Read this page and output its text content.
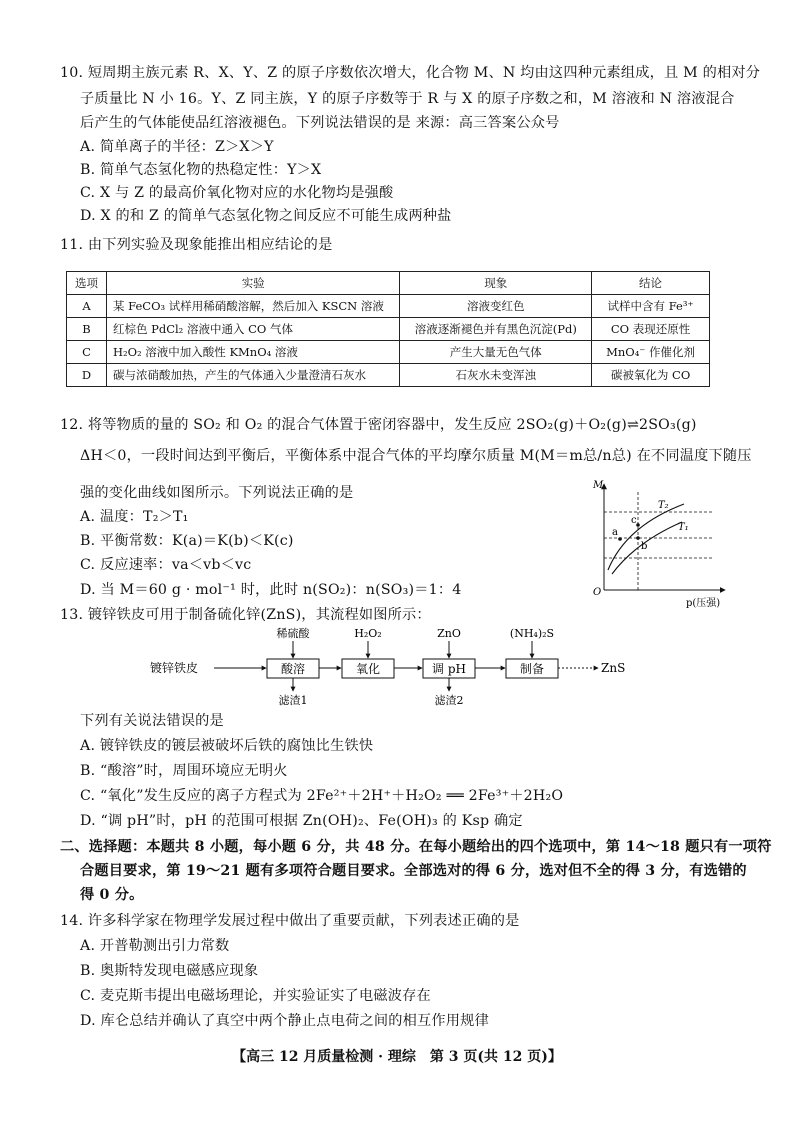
10. 短周期主族元素 R、X、Y、Z 的原子序数依次增大，化合物 M、N 均由这四种元素组成，且 M 的相对分
子质量比 N 小 16。Y、Z 同主族，Y 的原子序数等于 R 与 X 的原子序数之和，M 溶液和 N 溶液混合
后产生的气体能使品红溶液褪色。下列说法错误的是 来源：高三答案公众号
A. 简单离子的半径：Z＞X＞Y
B. 简单气态氢化物的热稳定性：Y＞X
C. X 与 Z 的最高价氧化物对应的水化物均是强酸
D. X 的和 Z 的简单气态氢化物之间反应不可能生成两种盐
11. 由下列实验及现象能推出相应结论的是
选项	实验	现象	结论
A	某 FeCO₃ 试样用稀硝酸溶解，然后加入 KSCN 溶液	溶液变红色	试样中含有 Fe³⁺
B	红棕色 PdCl₂ 溶液中通入 CO 气体	溶液逐渐褪色并有黑色沉淀(Pd)	CO 表现还原性
C	H₂O₂ 溶液中加入酸性 KMnO₄ 溶液	产生大量无色气体	MnO₄⁻ 作催化剂
D	碳与浓硝酸加热，产生的气体通入少量澄清石灰水	石灰水未变浑浊	碳被氧化为 CO
12. 将等物质的量的 SO₂ 和 O₂ 的混合气体置于密闭容器中，发生反应 2SO₂(g)＋O₂(g)⇌2SO₃(g)
ΔH＜0，一段时间达到平衡后，平衡体系中混合气体的平均摩尔质量 M(M＝m总/n总) 在不同温度下随压
强的变化曲线如图所示。下列说法正确的是
A. 温度：T₂＞T₁
B. 平衡常数：K(a)＝K(b)＜K(c)
C. 反应速率：va＜vb＜vc
D. 当 M＝60 g · mol⁻¹ 时，此时 n(SO₂)：n(SO₃)＝1：4
M
O
p(压强)
T₂
T₁
a
b
c
13. 镀锌铁皮可用于制备硫化锌(ZnS)，其流程如图所示：
镀锌铁皮	酸溶	氧化	调 pH	制备	ZnS
稀硫酸	H₂O₂	ZnO	(NH₄)₂S
滤渣1	滤渣2
下列有关说法错误的是
A. 镀锌铁皮的镀层被破坏后铁的腐蚀比生铁快
B. “酸溶”时，周围环境应无明火
C. “氧化”发生反应的离子方程式为 2Fe²⁺＋2H⁺＋H₂O₂ ══ 2Fe³⁺＋2H₂O
D. “调 pH”时，pH 的范围可根据 Zn(OH)₂、Fe(OH)₃ 的 Ksp 确定
二、选择题：本题共 8 小题，每小题 6 分，共 48 分。在每小题给出的四个选项中，第 14～18 题只有一项符
合题目要求，第 19～21 题有多项符合题目要求。全部选对的得 6 分，选对但不全的得 3 分，有选错的
得 0 分。
14. 许多科学家在物理学发展过程中做出了重要贡献，下列表述正确的是
A. 开普勒测出引力常数
B. 奥斯特发现电磁感应现象
C. 麦克斯韦提出电磁场理论，并实验证实了电磁波存在
D. 库仑总结并确认了真空中两个静止点电荷之间的相互作用规律
【高三 12 月质量检测 · 理综　第 3 页(共 12 页)】
